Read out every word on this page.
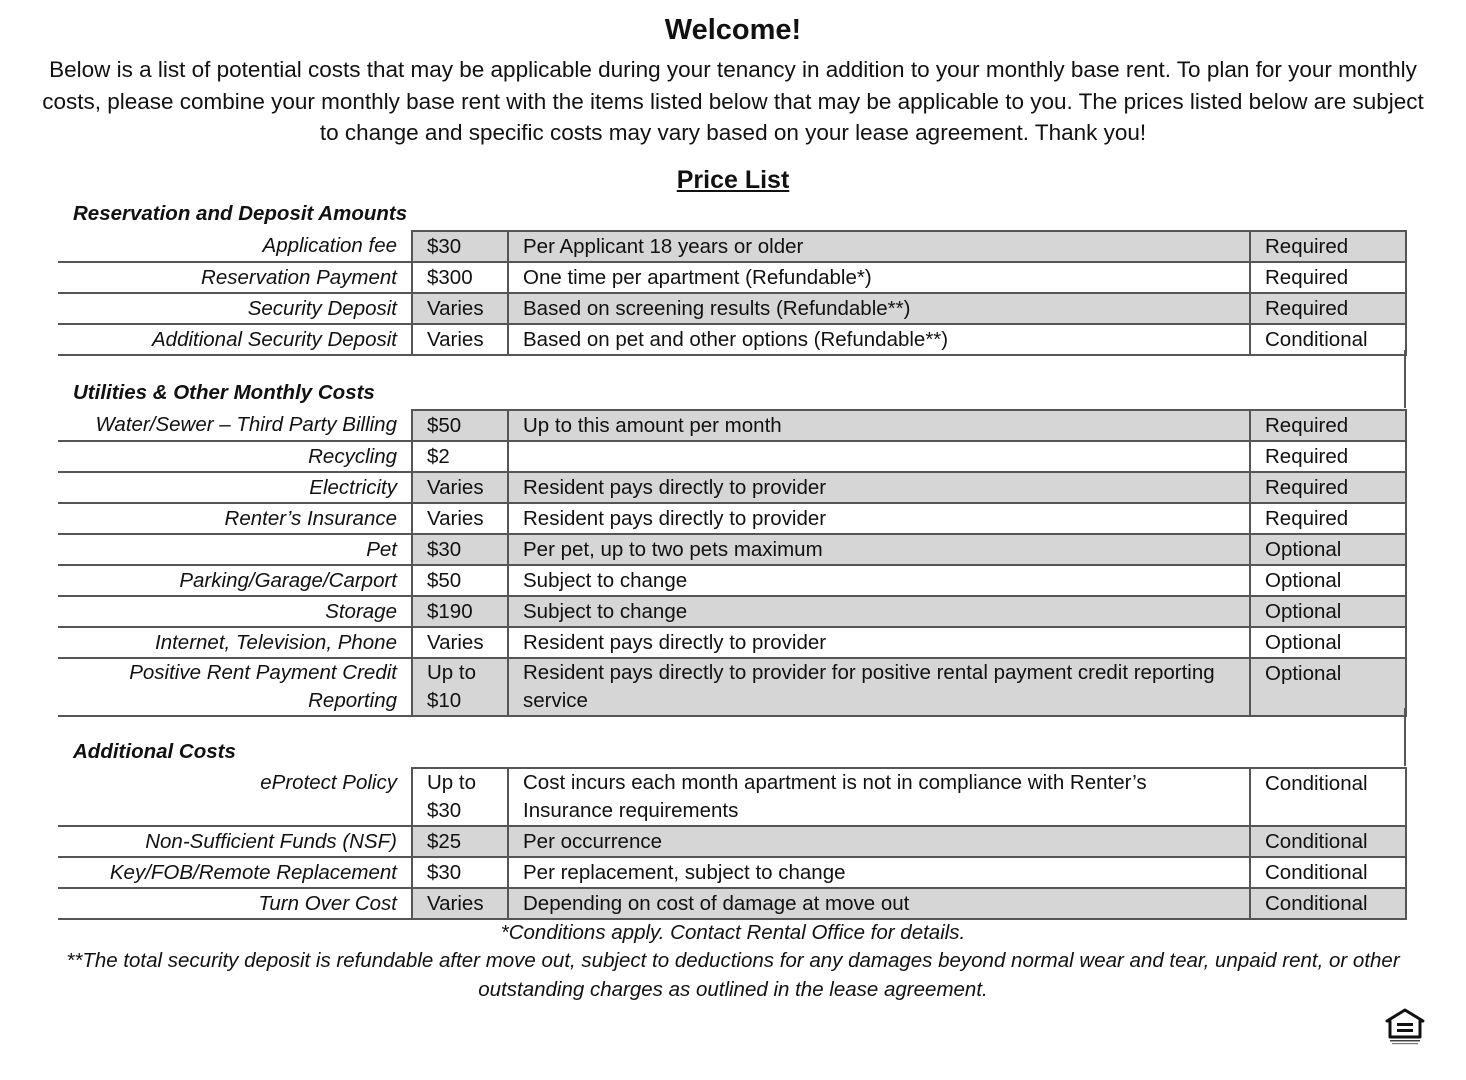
Welcome!
Below is a list of potential costs that may be applicable during your tenancy in addition to your monthly base rent. To plan for your monthly costs, please combine your monthly base rent with the items listed below that may be applicable to you. The prices listed below are subject to change and specific costs may vary based on your lease agreement. Thank you!
Price List
Reservation and Deposit Amounts
Application fee	$30	Per Applicant 18 years or older	Required
Reservation Payment	$300	One time per apartment (Refundable*)	Required
Security Deposit	Varies	Based on screening results (Refundable**)	Required
Additional Security Deposit	Varies	Based on pet and other options (Refundable**)	Conditional
Utilities & Other Monthly Costs
Water/Sewer – Third Party Billing	$50	Up to this amount per month	Required
Recycling	$2		Required
Electricity	Varies	Resident pays directly to provider	Required
Renter’s Insurance	Varies	Resident pays directly to provider	Required
Pet	$30	Per pet, up to two pets maximum	Optional
Parking/Garage/Carport	$50	Subject to change	Optional
Storage	$190	Subject to change	Optional
Internet, Television, Phone	Varies	Resident pays directly to provider	Optional
Positive Rent Payment Credit Reporting	Up to $10	Resident pays directly to provider for positive rental payment credit reporting service	Optional
Additional Costs
eProtect Policy	Up to $30	Cost incurs each month apartment is not in compliance with Renter’s Insurance requirements	Conditional
Non-Sufficient Funds (NSF)	$25	Per occurrence	Conditional
Key/FOB/Remote Replacement	$30	Per replacement, subject to change	Conditional
Turn Over Cost	Varies	Depending on cost of damage at move out	Conditional
*Conditions apply. Contact Rental Office for details.
**The total security deposit is refundable after move out, subject to deductions for any damages beyond normal wear and tear, unpaid rent, or other outstanding charges as outlined in the lease agreement.
